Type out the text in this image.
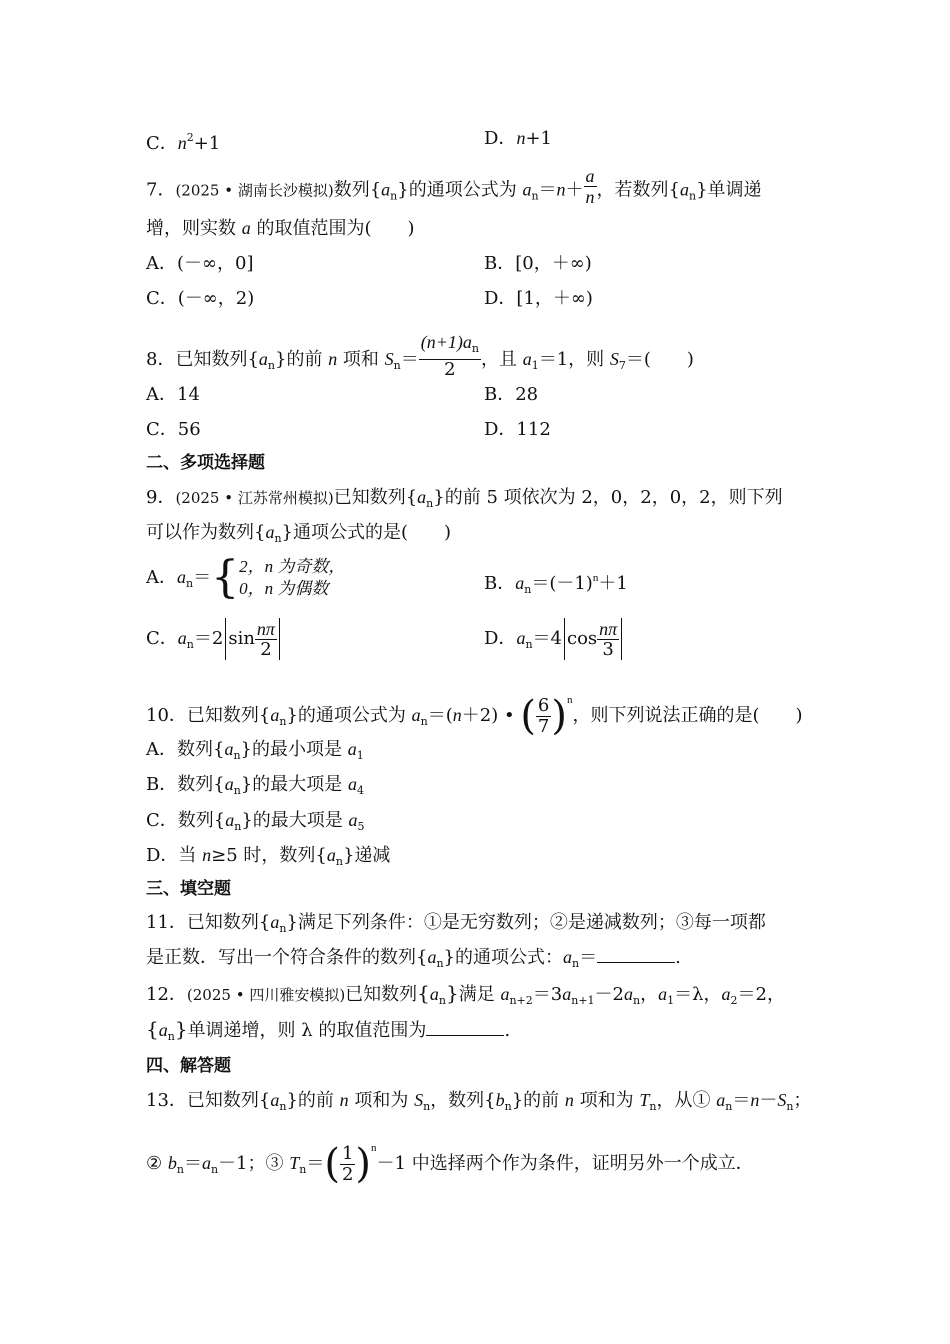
C．$n^2+1$	D．n+1
7．(2025 • 湖南长沙模拟)数列$\{a_n\}$的通项公式为 $a_n=n+ \frac{a}{n}$ ，若数列$\{a_n\}$单调递
增，则实数 a 的取值范围为(　　)
A．(－∞，0]	B．[0，＋∞)
C．(－∞，2)	D．[1，＋∞)
8．已知数列$\{a_n\}$的前 n 项和 $S_n= \frac{(n+1)a_n}{2}$ ，且 $a_1=1$，则 $S_7=$(　　)
A．14	B．28
C．56	D．112
二、多项选择题
9．(2025 • 江苏常州模拟)已知数列$\{a_n\}$的前 5 项依次为 2，0，2，0，2，则下列
可以作为数列$\{a_n\}$通项公式的是(　　)
A．$a_n=\{2$，n 为奇数，
0，n 为偶数	B．$a_n=(-1)^n+1$
C．$a_n=2$ $\sin \frac{n\pi}{2}$	D．$a_n=4$ $\cos \frac{n\pi}{3}$
10．已知数列$\{a_n\}$的通项公式为 $a_n=(n+2)$ • ( $\frac{6}{7} )^n$，则下列说法正确的是(　　)
A．数列$\{a_n\}$的最小项是 $a_1$
B．数列$\{a_n\}$的最大项是 $a_4$
C．数列$\{a_n\}$的最大项是 $a_5$
D．当 n≥5 时，数列$\{a_n\}$递减
三、填空题
11．已知数列$\{a_n\}$满足下列条件：①是无穷数列；②是递减数列；③每一项都
是正数．写出一个符合条件的数列$\{a_n\}$的通项公式：$a_n=$	.
12．(2025 • 四川雅安模拟)已知数列$\{a_n\}$满足 $a_{n+2}=3a_{n+1}-2a_n$，$a_1=\lambda$，$a_2=2$，
$\{a_n\}$单调递增，则 λ 的取值范围为	.
四、解答题
13．已知数列$\{a_n\}$的前 n 项和为 $S_n$，数列$\{b_n\}$的前 n 项和为 $T_n$，从① $a_n=n-S_n$；
② $b_n=a_n-1$；③ $T_n=( \frac{1}{2} )^n-1$ 中选择两个作为条件，证明另外一个成立．
